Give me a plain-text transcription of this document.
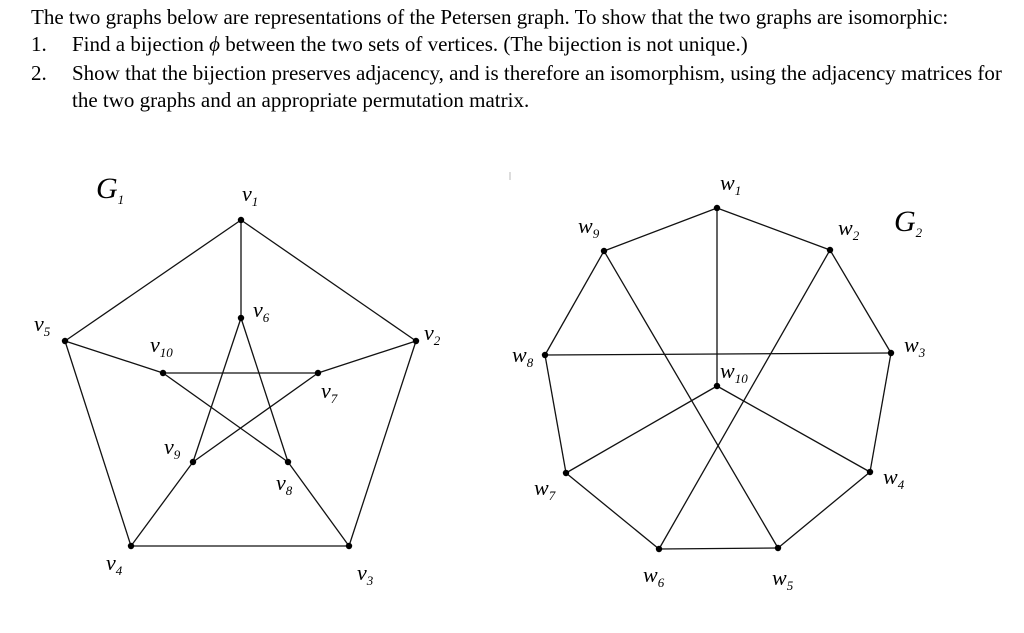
The two graphs below are representations of the Petersen graph. To show that the two graphs are isomorphic:

1.	Find a bijection ϕ between the two sets of vertices. (The bijection is not unique.)
2.	Show that the bijection preserves adjacency, and is therefore an isomorphism, using the adjacency matrices for the two graphs and an appropriate permutation matrix.
$G_1$	$v_1$
$v_2$
$v_3$
$v_4$
$v_5$
$v_6$
$v_7$
$v_8$
$v_9$
$v_{10}$
$G_2$
$w_1$
$w_2$
$w_3$
$w_4$
$w_5$
$w_6$
$w_7$
$w_8$
$w_9$
$w_{10}$
